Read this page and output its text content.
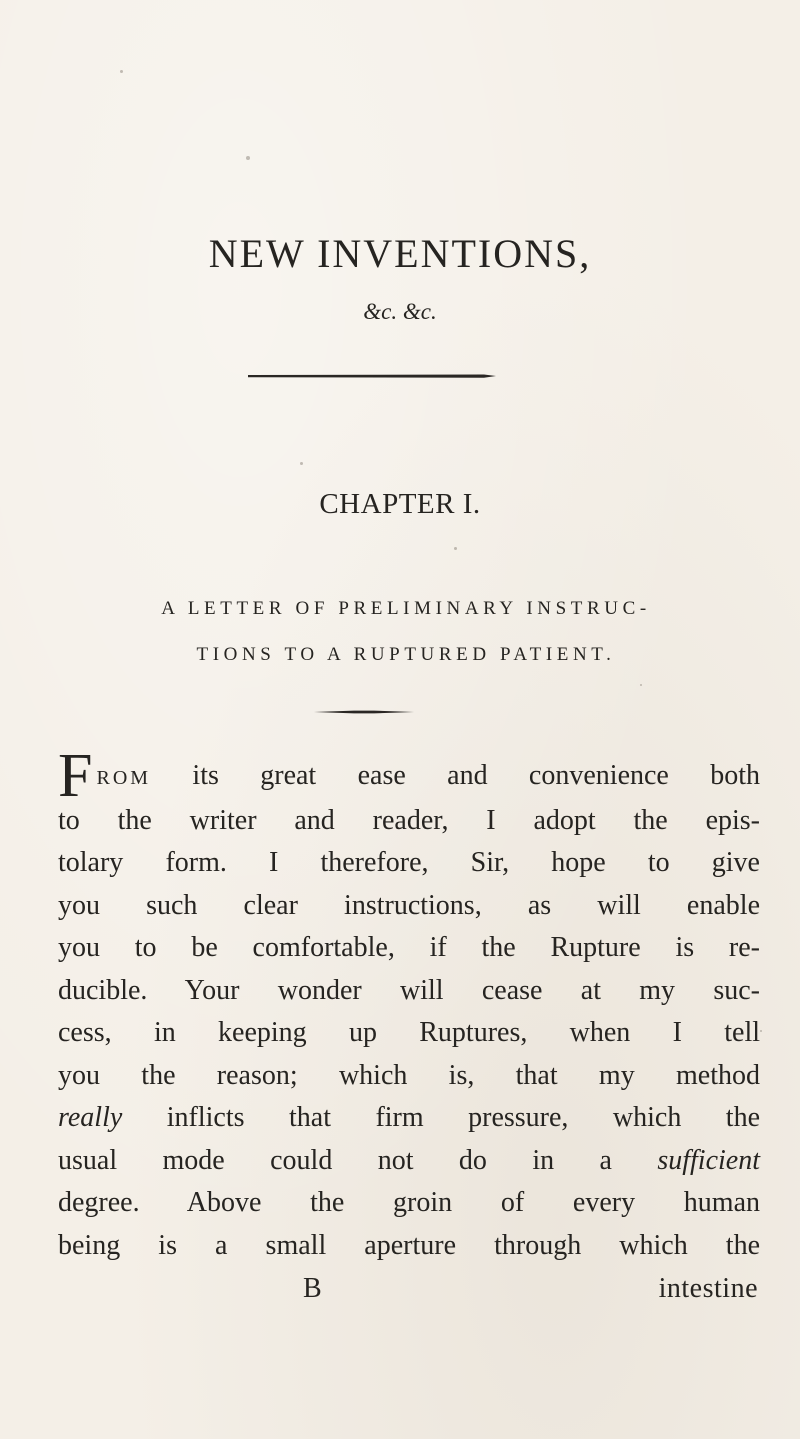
NEW INVENTIONS,
&c. &c.
CHAPTER I.
A LETTER OF PRELIMINARY INSTRUC-
TIONS TO A RUPTURED PATIENT.
FROM its great ease and convenience both
to the writer and reader, I adopt the epis-
tolary form. I therefore, Sir, hope to give
you such clear instructions, as will enable
you to be comfortable, if the Rupture is re-
ducible. Your wonder will cease at my suc-
cess, in keeping up Ruptures, when I tell
you the reason; which is, that my method
really inflicts that firm pressure, which the
usual mode could not do in a sufficient
degree. Above the groin of every human
being is a small aperture through which the
B	intestine
